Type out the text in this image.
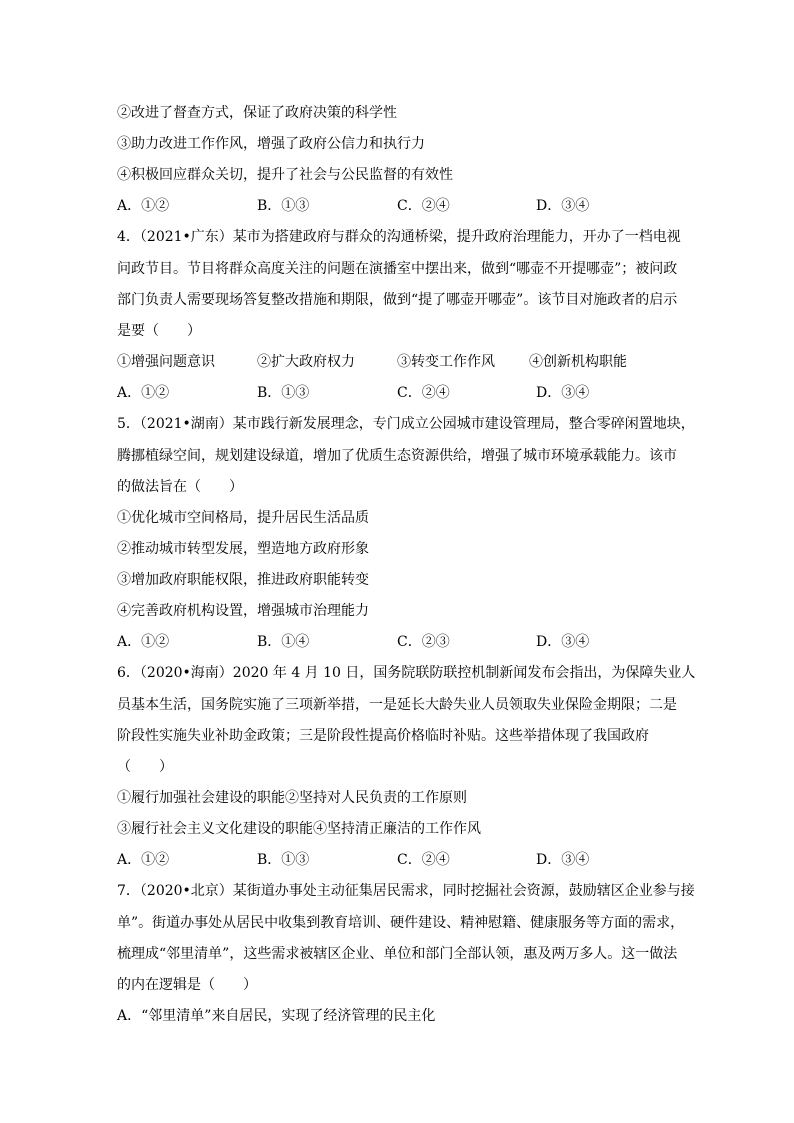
②改进了督查方式，保证了政府决策的科学性
③助力改进工作作风，增强了政府公信力和执行力
④积极回应群众关切，提升了社会与公民监督的有效性
A．①②	B．①③	C．②④	D．③④
4．（2021•广东）某市为搭建政府与群众的沟通桥梁，提升政府治理能力，开办了一档电视
问政节目。节目将群众高度关注的问题在演播室中摆出来，做到“哪壶不开提哪壶”；被问政
部门负责人需要现场答复整改措施和期限，做到“提了哪壶开哪壶”。该节目对施政者的启示
是要（　　）
①增强问题意识	②扩大政府权力	③转变工作作风 ④创新机构职能
A．①②	B．①③	C．②④	D．③④
5．（2021•湖南）某市践行新发展理念，专门成立公园城市建设管理局，整合零碎闲置地块，
腾挪植绿空间，规划建设绿道，增加了优质生态资源供给，增强了城市环境承载能力。该市
的做法旨在（　　）
①优化城市空间格局，提升居民生活品质
②推动城市转型发展，塑造地方政府形象
③增加政府职能权限，推进政府职能转变
④完善政府机构设置，增强城市治理能力
A．①②	B．①④	C．②③	D．③④
6．（2020•海南）2020 年 4 月 10 日，国务院联防联控机制新闻发布会指出，为保障失业人
员基本生活，国务院实施了三项新举措，一是延长大龄失业人员领取失业保险金期限；二是
阶段性实施失业补助金政策；三是阶段性提高价格临时补贴。这些举措体现了我国政府
（　　）
①履行加强社会建设的职能②坚持对人民负责的工作原则
③履行社会主义文化建设的职能④坚持清正廉洁的工作作风
A．①②	B．①③	C．②④	D．③④
7．（2020•北京）某街道办事处主动征集居民需求，同时挖掘社会资源，鼓励辖区企业参与接
单”。街道办事处从居民中收集到教育培训、硬件建设、精神慰籍、健康服务等方面的需求，
梳理成“邻里清单”，这些需求被辖区企业、单位和部门全部认领，惠及两万多人。这一做法
的内在逻辑是（　　）
A．“邻里清单”来自居民，实现了经济管理的民主化
